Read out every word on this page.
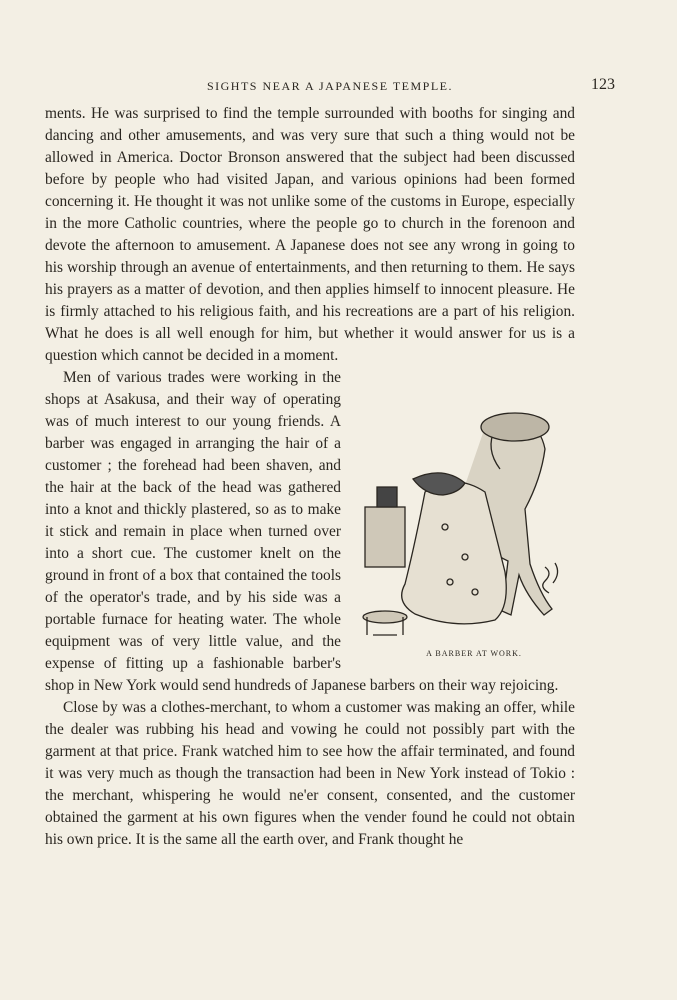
SIGHTS NEAR A JAPANESE TEMPLE.	123

ments. He was surprised to find the temple surrounded with booths for singing and dancing and other amusements, and was very sure that such a thing would not be allowed in America. Doctor Bronson answered that the subject had been discussed before by people who had visited Japan, and various opinions had been formed concerning it. He thought it was not unlike some of the customs in Europe, especially in the more Catholic countries, where the people go to church in the forenoon and devote the afternoon to amusement. A Japanese does not see any wrong in going to his worship through an avenue of entertainments, and then returning to them. He says his prayers as a matter of devotion, and then applies himself to innocent pleasure. He is firmly attached to his religious faith, and his recreations are a part of his religion. What he does is all well enough for him, but whether it would answer for us is a question which cannot be decided in a moment.

A BARBER AT WORK.
Men of various trades were working in the shops at Asakusa, and their way of operating was of much interest to our young friends. A barber was engaged in arranging the hair of a customer ; the forehead had been shaven, and the hair at the back of the head was gathered into a knot and thickly plastered, so as to make it stick and remain in place when turned over into a short cue. The customer knelt on the ground in front of a box that contained the tools of the operator's trade, and by his side was a portable furnace for heating water. The whole equipment was of very little value, and the expense of fitting up a fashionable barber's shop in New York would send hundreds of Japanese barbers on their way rejoicing.

Close by was a clothes-merchant, to whom a customer was making an offer, while the dealer was rubbing his head and vowing he could not possibly part with the garment at that price. Frank watched him to see how the affair terminated, and found it was very much as though the transaction had been in New York instead of Tokio : the merchant, whispering he would ne'er consent, consented, and the customer obtained the garment at his own figures when the vender found he could not obtain his own price. It is the same all the earth over, and Frank thought he
